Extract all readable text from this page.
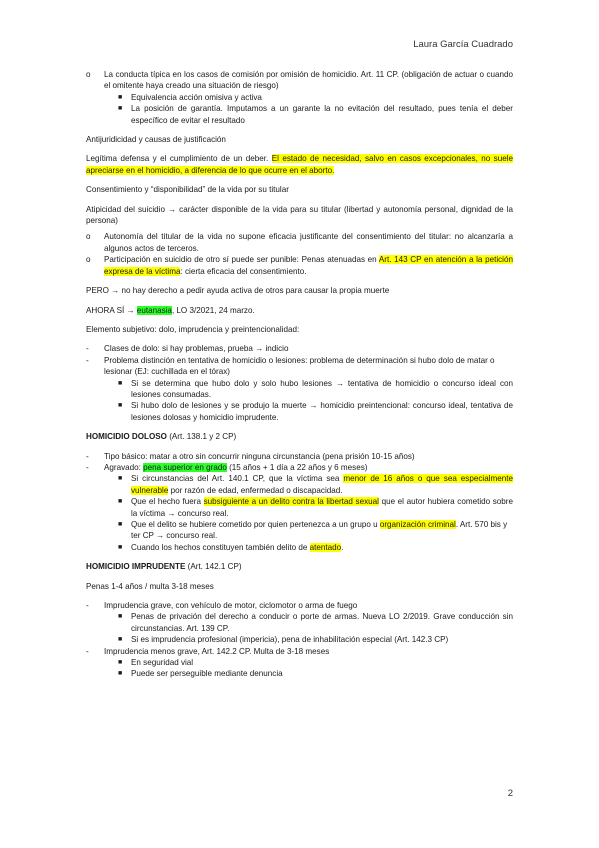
Laura García Cuadrado
o La conducta típica en los casos de comisión por omisión de homicidio. Art. 11 CP. (obligación de actuar o cuando el omitente haya creado una situación de riesgo)
■ Equivalencia acción omisiva y activa
■ La posición de garantía. Imputamos a un garante la no evitación del resultado, pues tenía el deber específico de evitar el resultado

Antijuridicidad y causas de justificación

Legítima defensa y el cumplimiento de un deber. El estado de necesidad, salvo en casos excepcionales, no suele apreciarse en el homicidio, a diferencia de lo que ocurre en el aborto.

Consentimiento y “disponibilidad” de la vida por su titular

Atipicidad del suicidio → carácter disponible de la vida para su titular (libertad y autonomía personal, dignidad de la persona)

o Autonomía del titular de la vida no supone eficacia justificante del consentimiento del titular: no alcanzaría a algunos actos de terceros.
o Participación en suicidio de otro sí puede ser punible: Penas atenuadas en Art. 143 CP en atención a la petición expresa de la víctima: cierta eficacia del consentimiento.

PERO → no hay derecho a pedir ayuda activa de otros para causar la propia muerte

AHORA SÍ → eutanasia, LO 3/2021, 24 marzo.

Elemento subjetivo: dolo, imprudencia y preintencionalidad:

- Clases de dolo: si hay problemas, prueba → indicio
- Problema distinción en tentativa de homicidio o lesiones: problema de determinación si hubo dolo de matar o lesionar (EJ: cuchillada en el tórax)
■ Si se determina que hubo dolo y solo hubo lesiones → tentativa de homicidio o concurso ideal con lesiones consumadas.
■ Si hubo dolo de lesiones y se produjo la muerte → homicidio preintencional: concurso ideal, tentativa de lesiones dolosas y homicidio imprudente.

HOMICIDIO DOLOSO (Art. 138.1 y 2 CP)

- Tipo básico: matar a otro sin concurrir ninguna circunstancia (pena prisión 10-15 años)
- Agravado: pena superior en grado (15 años + 1 día a 22 años y 6 meses)
■ Si circunstancias del Art. 140.1 CP, que la víctima sea menor de 16 años o que sea especialmente vulnerable por razón de edad, enfermedad o discapacidad.
■ Que el hecho fuera subsiguiente a un delito contra la libertad sexual que el autor hubiera cometido sobre la víctima → concurso real.
■ Que el delito se hubiere cometido por quien pertenezca a un grupo u organización criminal. Art. 570 bis y ter CP → concurso real.
■ Cuando los hechos constituyen también delito de atentado.

HOMICIDIO IMPRUDENTE (Art. 142.1 CP)

Penas 1-4 años / multa 3-18 meses

- Imprudencia grave, con vehículo de motor, ciclomotor o arma de fuego
■ Penas de privación del derecho a conducir o porte de armas. Nueva LO 2/2019. Grave conducción sin circunstancias. Art. 139 CP.
■ Si es imprudencia profesional (impericia), pena de inhabilitación especial (Art. 142.3 CP)
- Imprudencia menos grave, Art. 142.2 CP. Multa de 3-18 meses
■ En seguridad vial
■ Puede ser perseguible mediante denuncia
2
